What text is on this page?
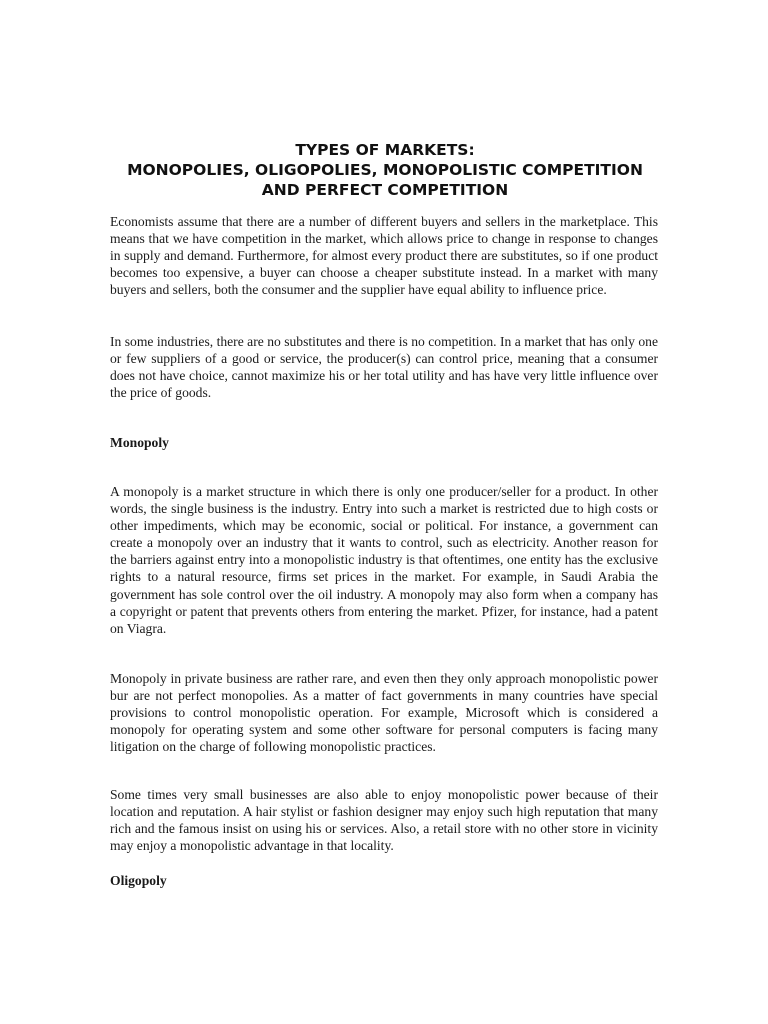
TYPES OF MARKETS:
MONOPOLIES, OLIGOPOLIES, MONOPOLISTIC COMPETITION
AND PERFECT COMPETITION

Economists assume that there are a number of different buyers and sellers in the marketplace. This means that we have competition in the market, which allows price to change in response to changes in supply and demand. Furthermore, for almost every product there are substitutes, so if one product becomes too expensive, a buyer can choose a cheaper substitute instead. In a market with many buyers and sellers, both the consumer and the supplier have equal ability to influence price.

In some industries, there are no substitutes and there is no competition. In a market that has only one or few suppliers of a good or service, the producer(s) can control price, meaning that a consumer does not have choice, cannot maximize his or her total utility and has have very little influence over the price of goods.

Monopoly

A monopoly is a market structure in which there is only one producer/seller for a product. In other words, the single business is the industry. Entry into such a market is restricted due to high costs or other impediments, which may be economic, social or political. For instance, a government can create a monopoly over an industry that it wants to control, such as electricity. Another reason for the barriers against entry into a monopolistic industry is that oftentimes, one entity has the exclusive rights to a natural resource, firms set prices in the market. For example, in Saudi Arabia the government has sole control over the oil industry. A monopoly may also form when a company has a copyright or patent that prevents others from entering the market. Pfizer, for instance, had a patent on Viagra.

Monopoly in private business are rather rare, and even then they only approach monopolistic power bur are not perfect monopolies. As a matter of fact governments in many countries have special provisions to control monopolistic operation. For example, Microsoft which is considered a monopoly for operating system and some other software for personal computers is facing many litigation on the charge of following monopolistic practices.

Some times very small businesses are also able to enjoy monopolistic power because of their location and reputation. A hair stylist or fashion designer may enjoy such high reputation that many rich and the famous insist on using his or services. Also, a retail store with no other store in vicinity may enjoy a monopolistic advantage in that locality.

Oligopoly
